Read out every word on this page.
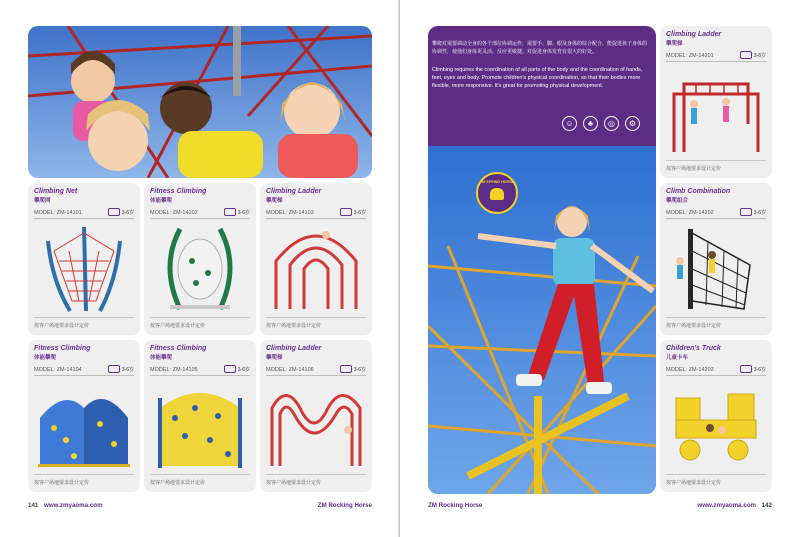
Climbing Net
攀爬网
MODEL: ZM-14101	3-6岁
按客户场地要求设计定价
Fitness Climbing
体能攀爬
MODEL: ZM-14102	3-6岁
按客户场地要求设计定价
Climbing Ladder
攀爬梯
MODEL: ZM-14103	3-6岁
按客户场地要求设计定价
Fitness Climbing
体能攀爬
MODEL: ZM-14104	3-6岁
按客户场地要求设计定价
Fitness Climbing
体能攀爬
MODEL: ZM-14105	3-6岁
按客户场地要求设计定价
Climbing Ladder
攀爬梯
MODEL: ZM-14106	3-6岁
按客户场地要求设计定价
141 www.zmyaoma.com	ZM Rocking Horse
攀爬对需要调动全身的各个部位协调运作，需要手、脚、眼及身体的综合配合。能促进孩子身体的协调性，使他们身体更灵活、反应更敏捷。对促进身体发育有很大的好处。
Climbing requires the coordination of all parts of the body and the coordination of hands, feet, eyes and body. Promote children's physical coordination, so that their bodies more flexible, more responsive. It's great for promoting physical development.
☺	♣	◎	⚙
ZM SPRING HORSE
Climbing Ladder
攀爬梯
MODEL: ZM-14201	3-6岁
按客户场地要求设计定价
Climb Combination
攀爬组合
MODEL: ZM-14202	3-6岁
按客户场地要求设计定价
Children's Truck
儿童卡车
MODEL: ZM-14203	3-6岁
按客户场地要求设计定价
ZM Rocking Horse	www.zmyaoma.com 142
